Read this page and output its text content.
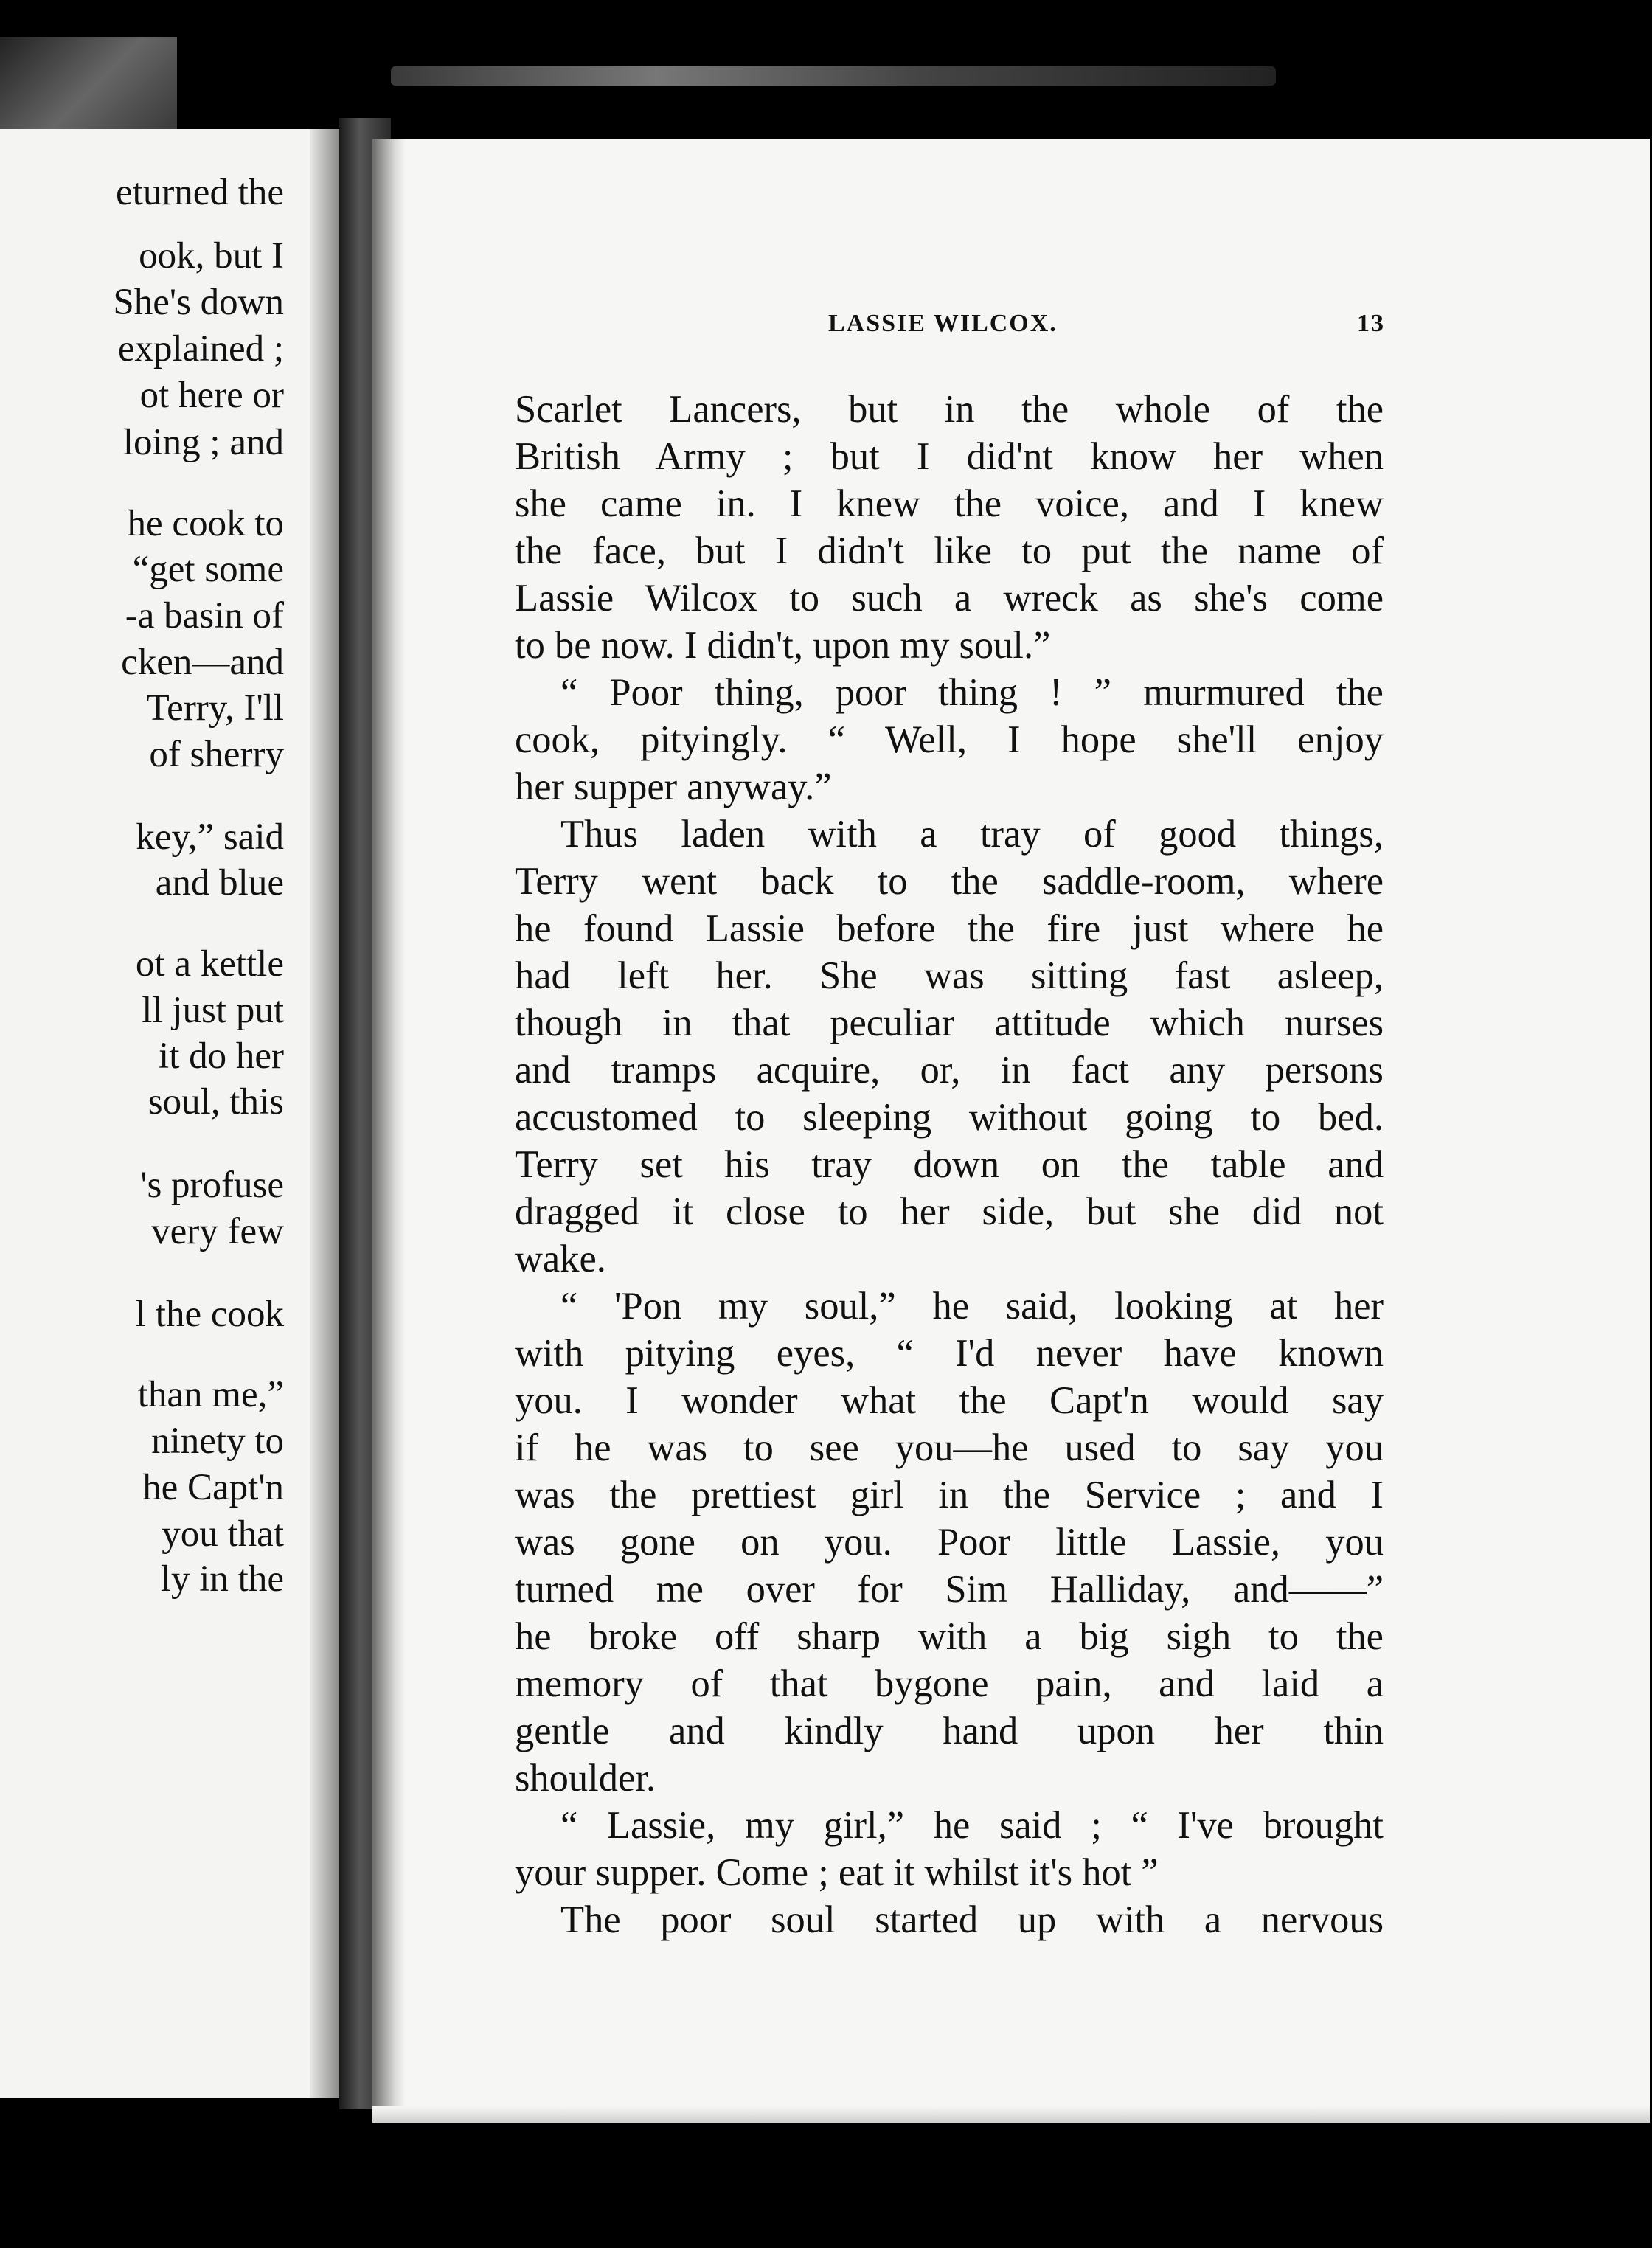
eturned the
ook, but I
She's down
explained ;
ot here or
loing ; and
he cook to
“get some
-a basin of
cken—and
Terry, I'll
of sherry
key,” said
and blue
ot a kettle
ll just put
it do her
soul, this
's profuse
very few
l the cook
than me,”
ninety to
he Capt'n
you that
ly in the
LASSIE WILCOX.	13
Scarlet Lancers, but in the whole of the
British Army ; but I did'nt know her when
she came in. I knew the voice, and I knew
the face, but I didn't like to put the name of
Lassie Wilcox to such a wreck as she's come
to be now. I didn't, upon my soul.”
“ Poor thing, poor thing ! ” murmured the
cook, pityingly. “ Well, I hope she'll enjoy
her supper anyway.”
Thus laden with a tray of good things,
Terry went back to the saddle-room, where
he found Lassie before the fire just where he
had left her. She was sitting fast asleep,
though in that peculiar attitude which nurses
and tramps acquire, or, in fact any persons
accustomed to sleeping without going to bed.
Terry set his tray down on the table and
dragged it close to her side, but she did not
wake.
“ 'Pon my soul,” he said, looking at her
with pitying eyes, “ I'd never have known
you. I wonder what the Capt'n would say
if he was to see you—he used to say you
was the prettiest girl in the Service ; and I
was gone on you. Poor little Lassie, you
turned me over for Sim Halliday, and——”
he broke off sharp with a big sigh to the
memory of that bygone pain, and laid a
gentle and kindly hand upon her thin
shoulder.
“ Lassie, my girl,” he said ; “ I've brought
your supper. Come ; eat it whilst it's hot ”
The poor soul started up with a nervous
